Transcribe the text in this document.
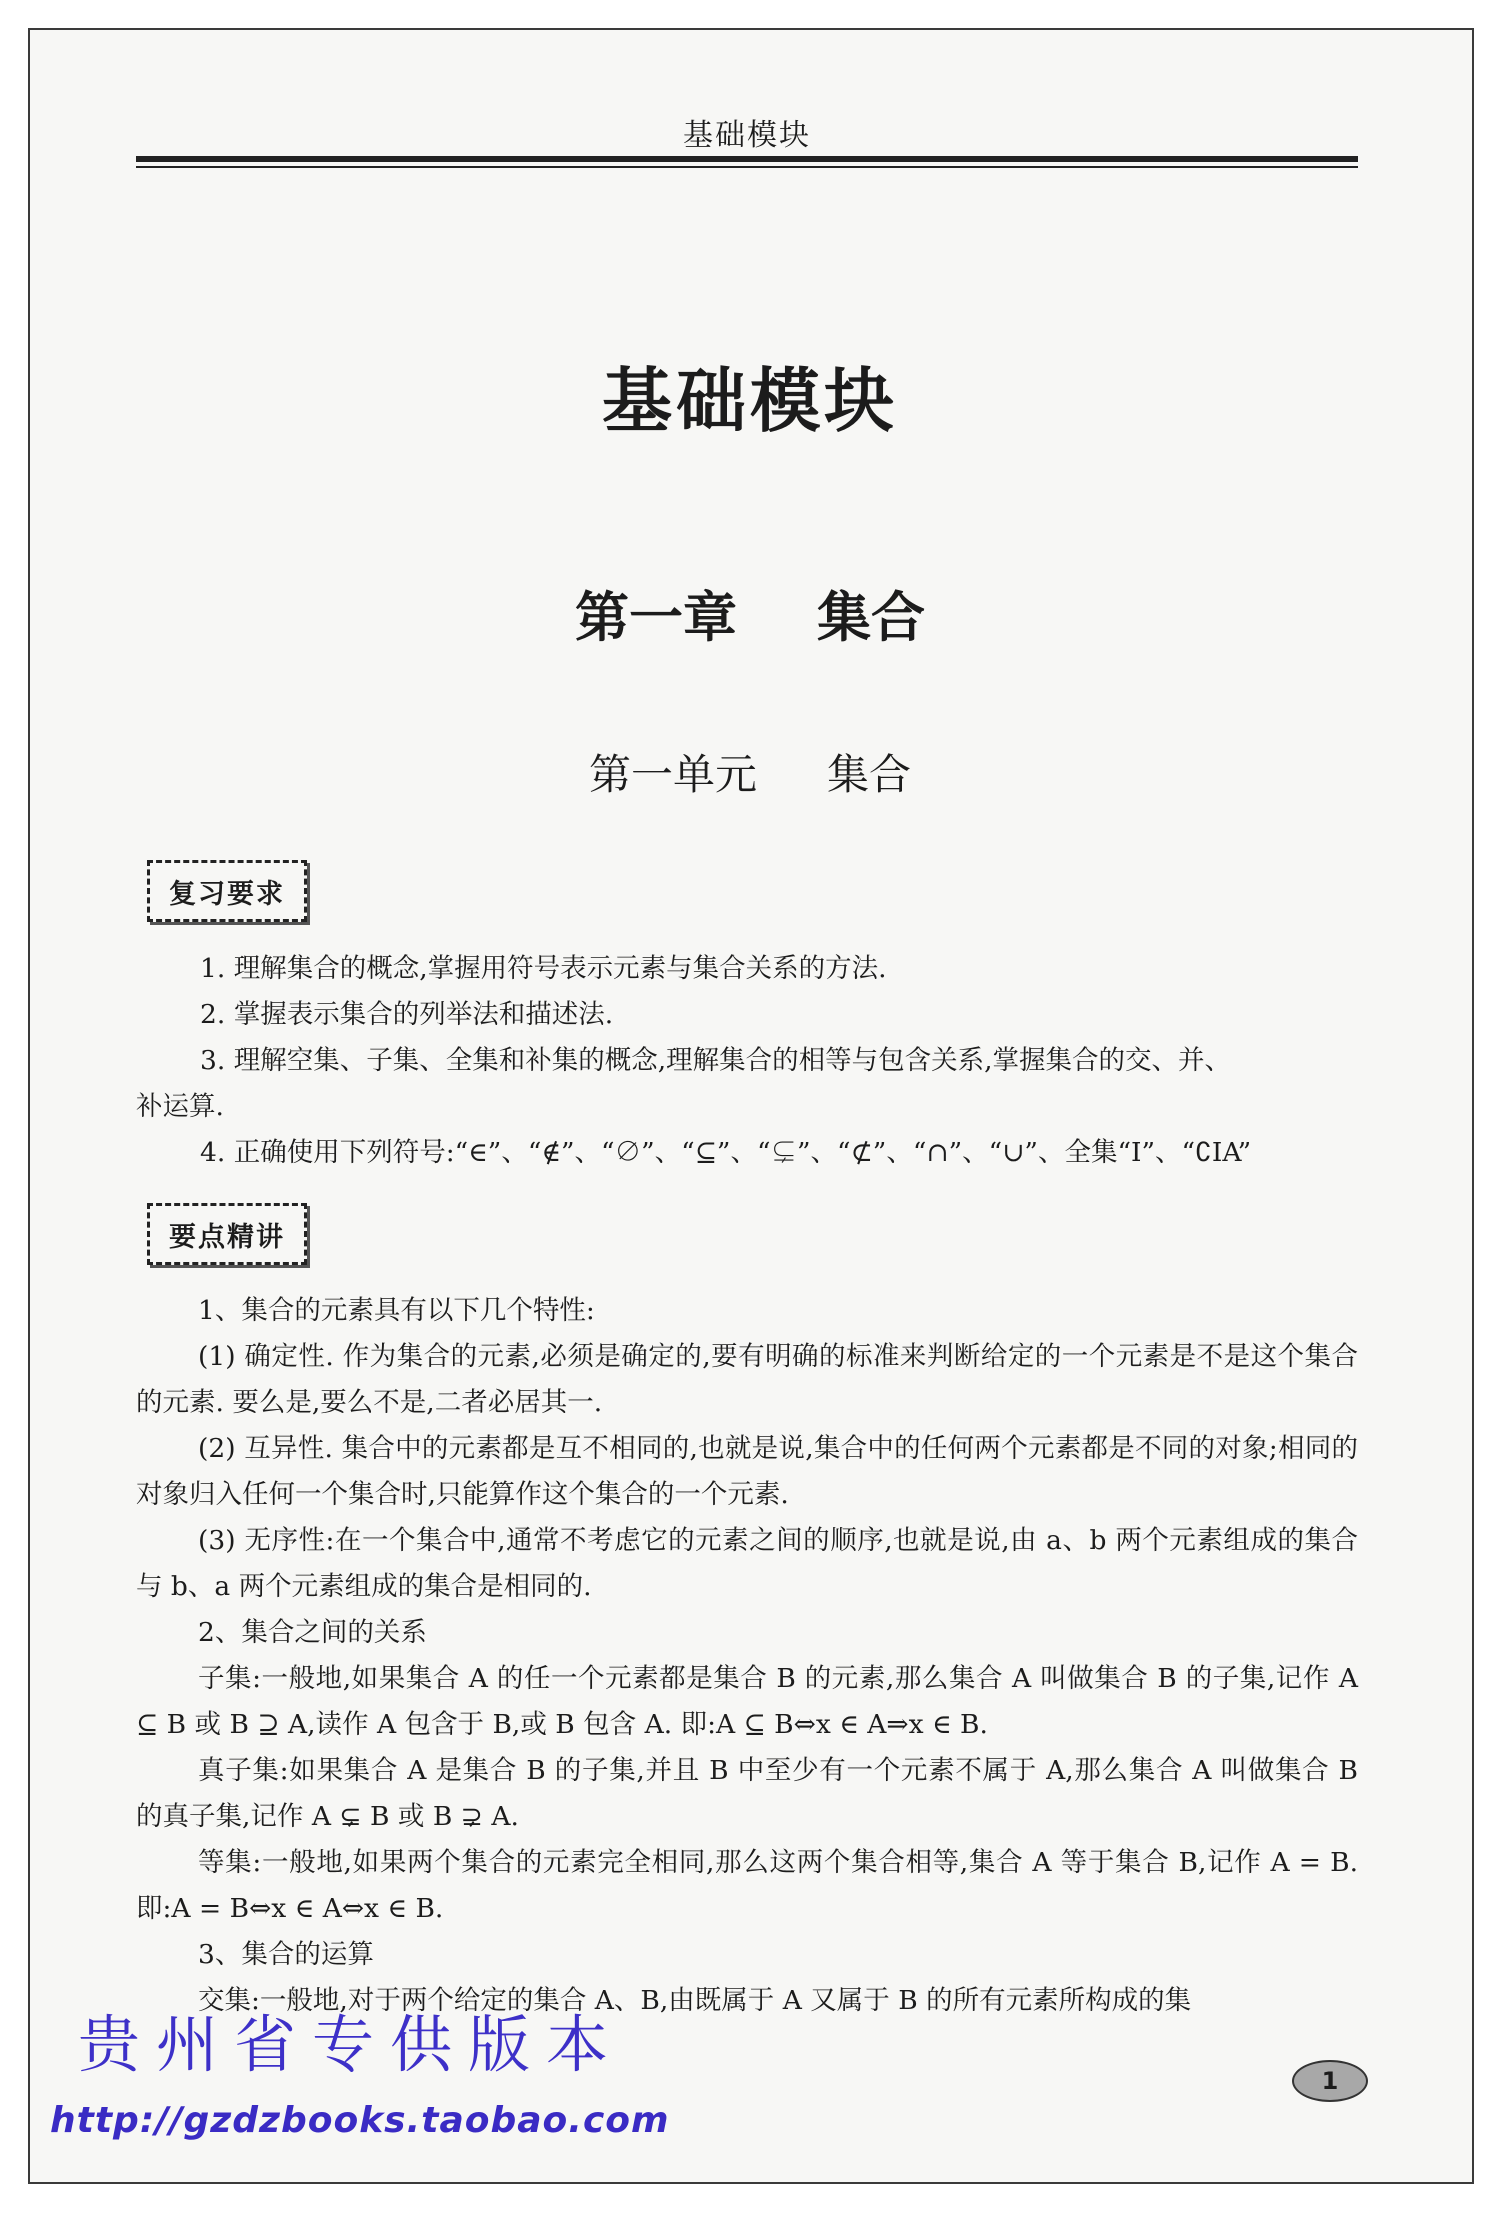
基础模块
基础模块
第一章 集合
第一单元 集合
复习要求
1. 理解集合的概念,掌握用符号表示元素与集合关系的方法.
2. 掌握表示集合的列举法和描述法.
3. 理解空集、子集、全集和补集的概念,理解集合的相等与包含关系,掌握集合的交、并、
补运算.
4. 正确使用下列符号:“∈”、“∉”、“∅”、“⊆”、“⊊”、“⊄”、“∩”、“∪”、全集“I”、“∁IA”
要点精讲

1、集合的元素具有以下几个特性:

(1) 确定性. 作为集合的元素,必须是确定的,要有明确的标准来判断给定的一个元素是不是这个集合的元素. 要么是,要么不是,二者必居其一.

(2) 互异性. 集合中的元素都是互不相同的,也就是说,集合中的任何两个元素都是不同的对象;相同的对象归入任何一个集合时,只能算作这个集合的一个元素.

(3) 无序性:在一个集合中,通常不考虑它的元素之间的顺序,也就是说,由 a、b 两个元素组成的集合与 b、a 两个元素组成的集合是相同的.

2、集合之间的关系

子集:一般地,如果集合 A 的任一个元素都是集合 B 的元素,那么集合 A 叫做集合 B 的子集,记作 A ⊆ B 或 B ⊇ A,读作 A 包含于 B,或 B 包含 A. 即:A ⊆ B⇔x ∈ A⇒x ∈ B.

真子集:如果集合 A 是集合 B 的子集,并且 B 中至少有一个元素不属于 A,那么集合 A 叫做集合 B 的真子集,记作 A ⊊ B 或 B ⊋ A.

等集:一般地,如果两个集合的元素完全相同,那么这两个集合相等,集合 A 等于集合 B,记作 A = B. 即:A = B⇔x ∈ A⇔x ∈ B.

3、集合的运算

交集:一般地,对于两个给定的集合 A、B,由既属于 A 又属于 B 的所有元素所构成的集

贵州省专供版本	1
http://gzdzbooks.taobao.com
